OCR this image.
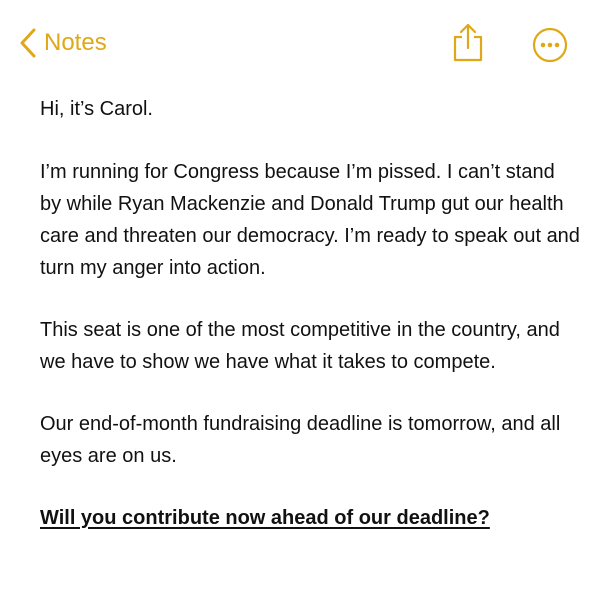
Notes

Hi, it’s Carol.

I’m running for Congress because I’m pissed. I can’t stand by while Ryan Mackenzie and Donald Trump gut our health care and threaten our democracy. I’m ready to speak out and turn my anger into action.

This seat is one of the most competitive in the country, and we have to show we have what it takes to compete.

Our end-of-month fundraising deadline is tomorrow, and all eyes are on us.

Will you contribute now ahead of our deadline?
